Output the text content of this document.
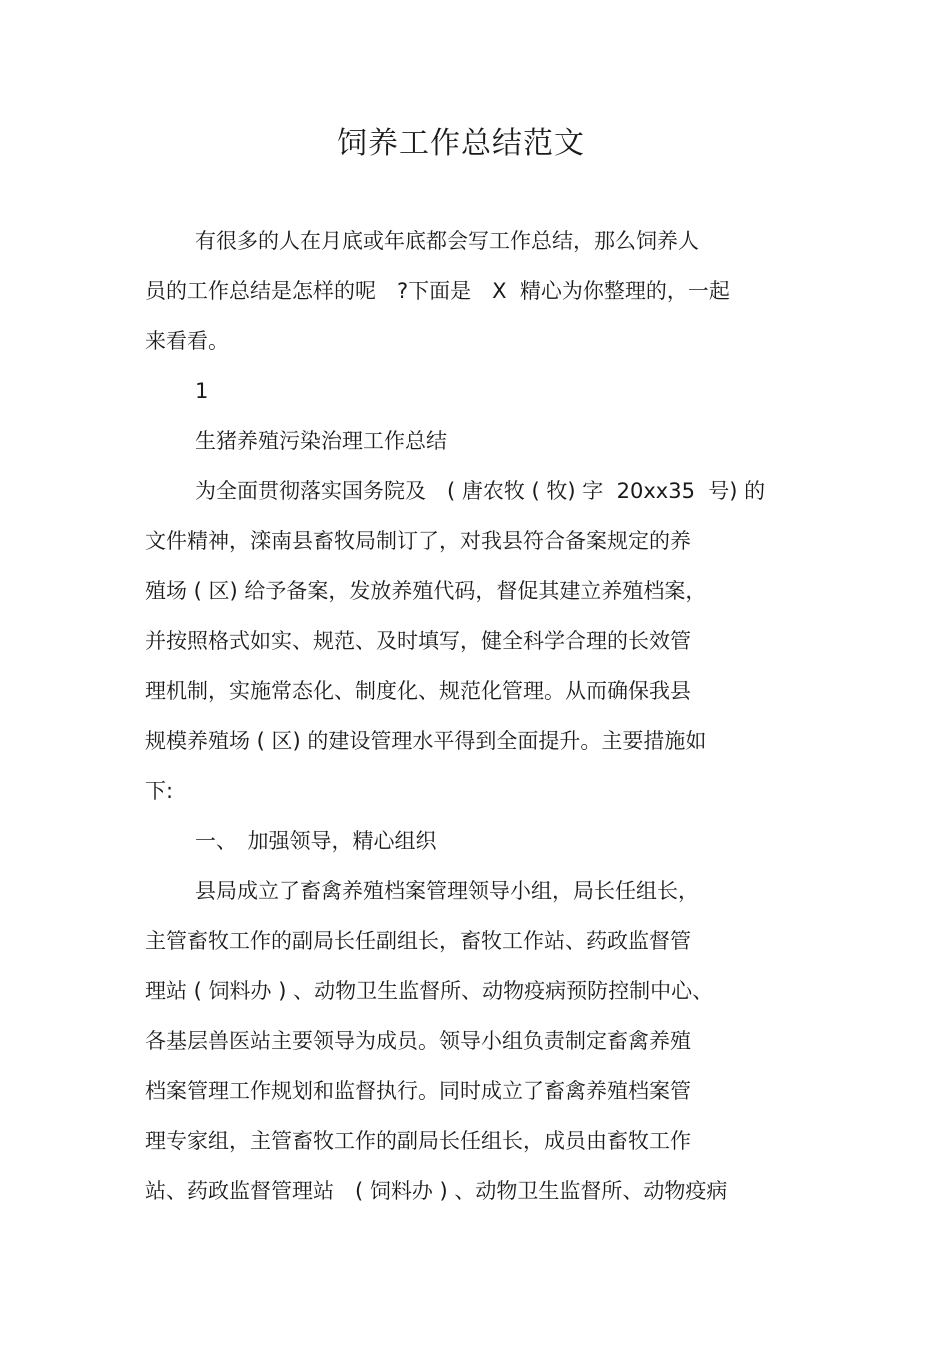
饲养工作总结范文
有很多的人在月底或年底都会写工作总结，那么饲养人
员的工作总结是怎样的呢　?下面是　X  精心为你整理的，一起
来看看。
1
生猪养殖污染治理工作总结
为全面贯彻落实国务院及　( 唐农牧 ( 牧) 字  20xx35  号) 的
文件精神，滦南县畜牧局制订了，对我县符合备案规定的养
殖场 ( 区) 给予备案，发放养殖代码，督促其建立养殖档案，
并按照格式如实、规范、及时填写，健全科学合理的长效管
理机制，实施常态化、制度化、规范化管理。从而确保我县
规模养殖场 ( 区) 的建设管理水平得到全面提升。主要措施如
下:
一、　加强领导，精心组织
县局成立了畜禽养殖档案管理领导小组，局长任组长，
主管畜牧工作的副局长任副组长，畜牧工作站、药政监督管
理站 ( 饲料办 ) 、动物卫生监督所、动物疫病预防控制中心、
各基层兽医站主要领导为成员。领导小组负责制定畜禽养殖
档案管理工作规划和监督执行。同时成立了畜禽养殖档案管
理专家组，主管畜牧工作的副局长任组长，成员由畜牧工作
站、药政监督管理站　( 饲料办 ) 、动物卫生监督所、动物疫病
